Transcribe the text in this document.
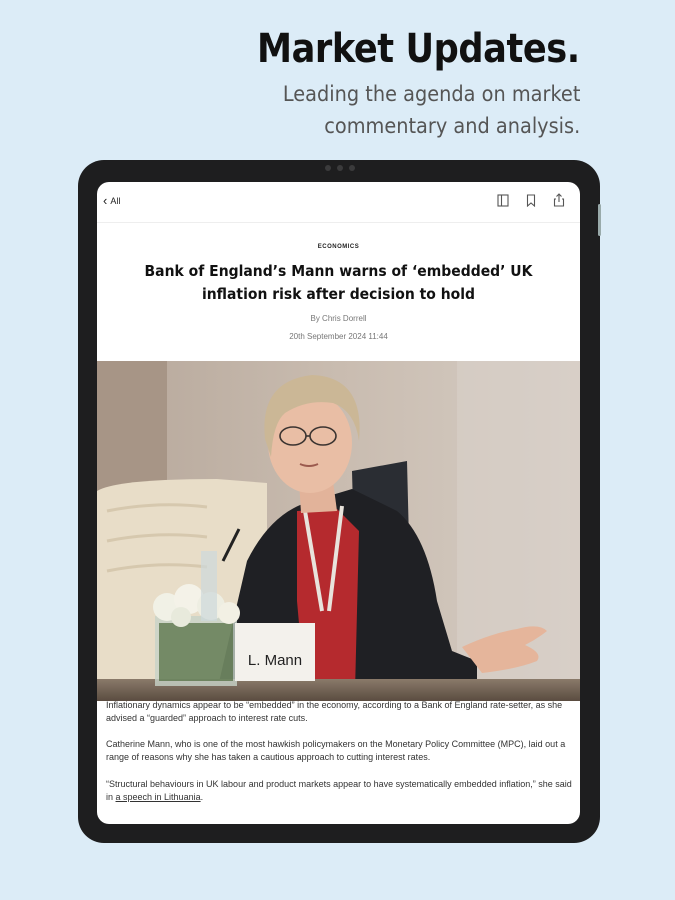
Market Updates.
Leading the agenda on market
commentary and analysis.
‹ All
ECONOMICS
Bank of England’s Mann warns of ‘embedded’ UK inflation risk after decision to hold
By Chris Dorrell
20th September 2024 11:44
L. Mann
Inflationary dynamics appear to be “embedded” in the economy, according to a Bank of England rate-setter, as she advised a “guarded” approach to interest rate cuts.
Catherine Mann, who is one of the most hawkish policymakers on the Monetary Policy Committee (MPC), laid out a range of reasons why she has taken a cautious approach to cutting interest rates.
“Structural behaviours in UK labour and product markets appear to have systematically embedded inflation,” she said in a speech in Lithuania.
